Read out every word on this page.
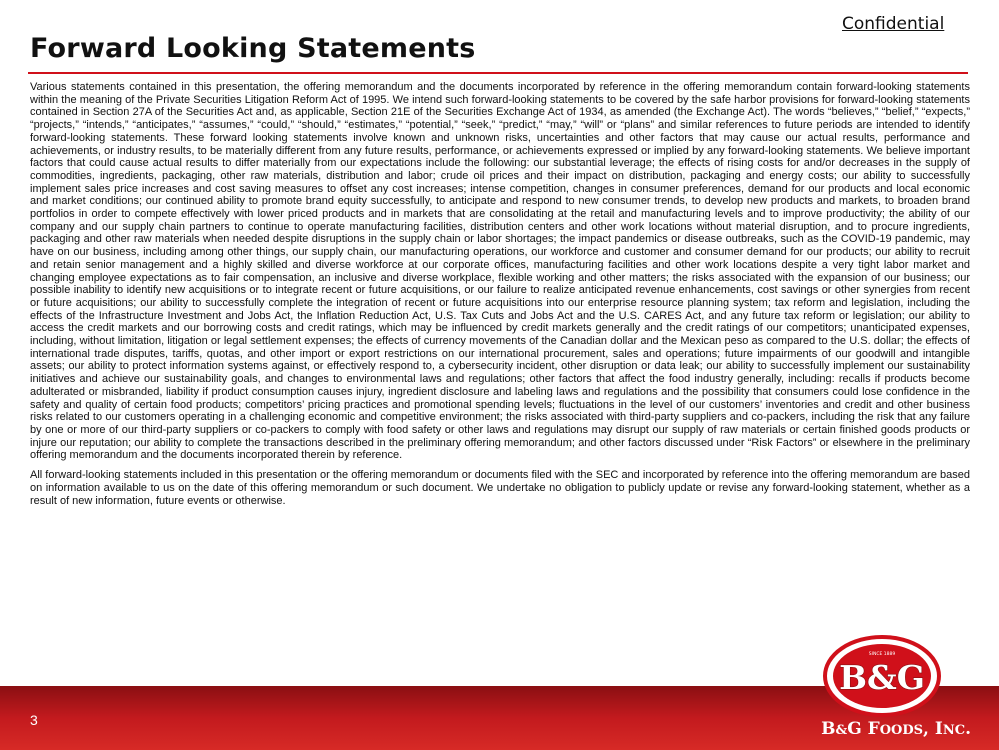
Confidential
Forward Looking Statements

Various statements contained in this presentation, the offering memorandum and the documents incorporated by reference in the offering memorandum contain forward-looking statements within the meaning of the Private Securities Litigation Reform Act of 1995. We intend such forward-looking statements to be covered by the safe harbor provisions for forward-looking statements contained in Section 27A of the Securities Act and, as applicable, Section 21E of the Securities Exchange Act of 1934, as amended (the Exchange Act). The words “believes,” “belief,” “expects,” “projects,” “intends,” “anticipates,” “assumes,” “could,” “should,” “estimates,” “potential,” “seek,” “predict,” “may,” “will” or “plans” and similar references to future periods are intended to identify forward-looking statements. These forward looking statements involve known and unknown risks, uncertainties and other factors that may cause our actual results, performance and achievements, or industry results, to be materially different from any future results, performance, or achievements expressed or implied by any forward-looking statements. We believe important factors that could cause actual results to differ materially from our expectations include the following: our substantial leverage; the effects of rising costs for and/or decreases in the supply of commodities, ingredients, packaging, other raw materials, distribution and labor; crude oil prices and their impact on distribution, packaging and energy costs; our ability to successfully implement sales price increases and cost saving measures to offset any cost increases; intense competition, changes in consumer preferences, demand for our products and local economic and market conditions; our continued ability to promote brand equity successfully, to anticipate and respond to new consumer trends, to develop new products and markets, to broaden brand portfolios in order to compete effectively with lower priced products and in markets that are consolidating at the retail and manufacturing levels and to improve productivity; the ability of our company and our supply chain partners to continue to operate manufacturing facilities, distribution centers and other work locations without material disruption, and to procure ingredients, packaging and other raw materials when needed despite disruptions in the supply chain or labor shortages; the impact pandemics or disease outbreaks, such as the COVID-19 pandemic, may have on our business, including among other things, our supply chain, our manufacturing operations, our workforce and customer and consumer demand for our products; our ability to recruit and retain senior management and a highly skilled and diverse workforce at our corporate offices, manufacturing facilities and other work locations despite a very tight labor market and changing employee expectations as to fair compensation, an inclusive and diverse workplace, flexible working and other matters; the risks associated with the expansion of our business; our possible inability to identify new acquisitions or to integrate recent or future acquisitions, or our failure to realize anticipated revenue enhancements, cost savings or other synergies from recent or future acquisitions; our ability to successfully complete the integration of recent or future acquisitions into our enterprise resource planning system; tax reform and legislation, including the effects of the Infrastructure Investment and Jobs Act, the Inflation Reduction Act, U.S. Tax Cuts and Jobs Act and the U.S. CARES Act, and any future tax reform or legislation; our ability to access the credit markets and our borrowing costs and credit ratings, which may be influenced by credit markets generally and the credit ratings of our competitors; unanticipated expenses, including, without limitation, litigation or legal settlement expenses; the effects of currency movements of the Canadian dollar and the Mexican peso as compared to the U.S. dollar; the effects of international trade disputes, tariffs, quotas, and other import or export restrictions on our international procurement, sales and operations; future impairments of our goodwill and intangible assets; our ability to protect information systems against, or effectively respond to, a cybersecurity incident, other disruption or data leak; our ability to successfully implement our sustainability initiatives and achieve our sustainability goals, and changes to environmental laws and regulations; other factors that affect the food industry generally, including: recalls if products become adulterated or misbranded, liability if product consumption causes injury, ingredient disclosure and labeling laws and regulations and the possibility that consumers could lose confidence in the safety and quality of certain food products; competitors’ pricing practices and promotional spending levels; fluctuations in the level of our customers’ inventories and credit and other business risks related to our customers operating in a challenging economic and competitive environment; the risks associated with third-party suppliers and co-packers, including the risk that any failure by one or more of our third-party suppliers or co-packers to comply with food safety or other laws and regulations may disrupt our supply of raw materials or certain finished goods products or injure our reputation; our ability to complete the transactions described in the preliminary offering memorandum; and other factors discussed under “Risk Factors” or elsewhere in the preliminary offering memorandum and the documents incorporated therein by reference.

All forward-looking statements included in this presentation or the offering memorandum or documents filed with the SEC and incorporated by reference into the offering memorandum are based on information available to us on the date of this offering memorandum or such document. We undertake no obligation to publicly update or revise any forward-looking statement, whether as a result of new information, future events or otherwise.

3	B&G FOODS, INC.
SINCE 1889
B&G
